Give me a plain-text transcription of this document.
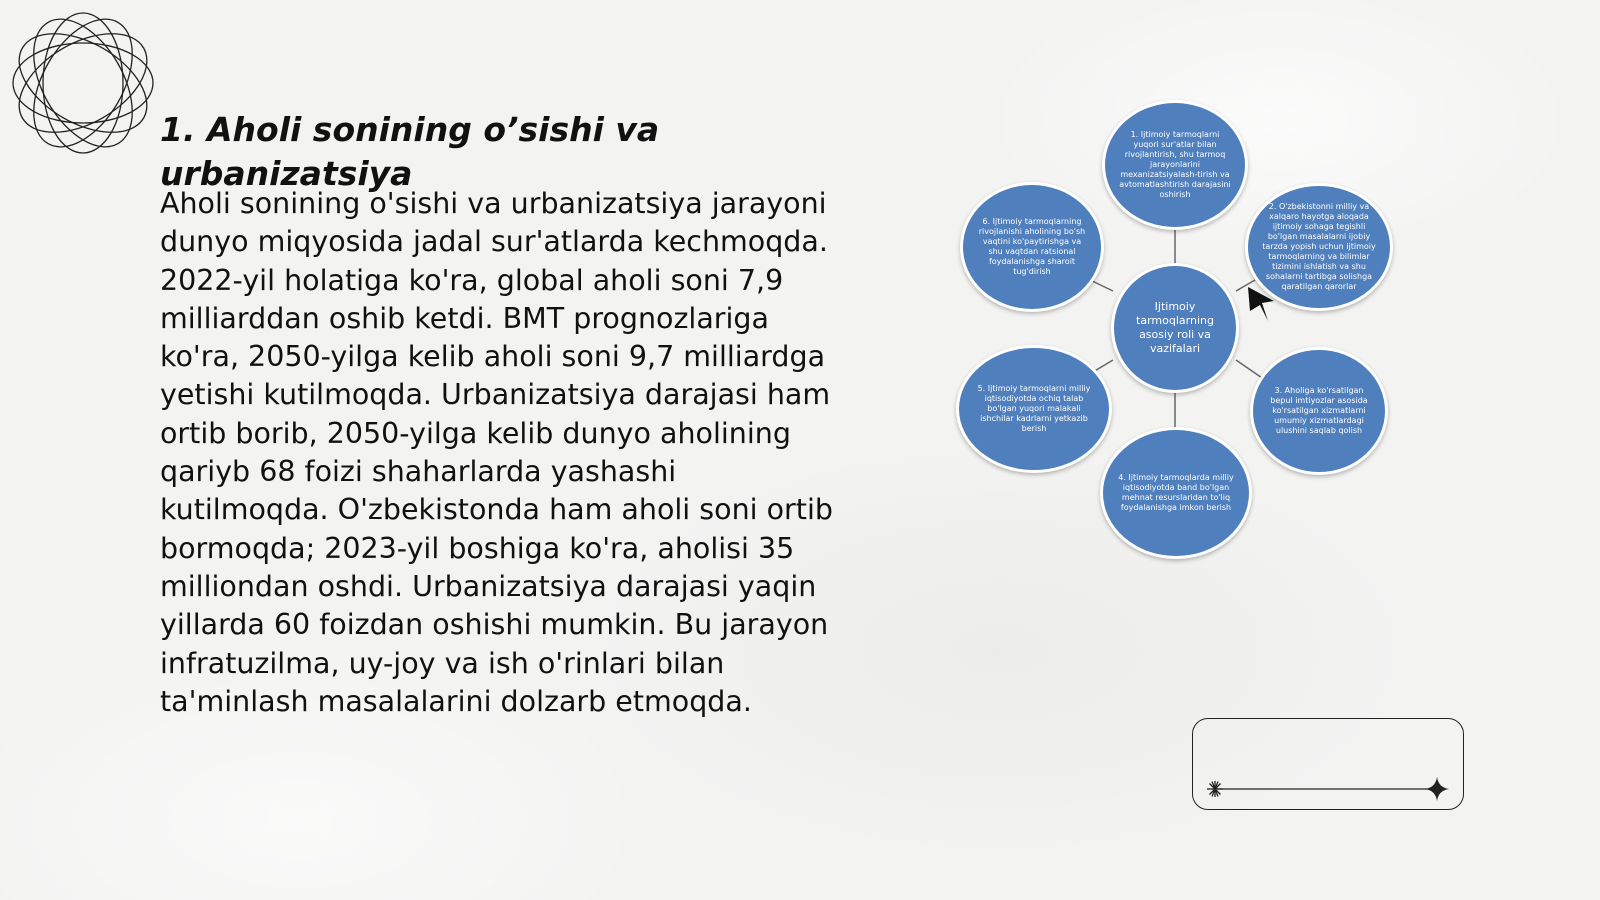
1. Aholi sonining o’sishi va urbanizatsiya

Aholi sonining o'sishi va urbanizatsiya jarayoni dunyo miqyosida jadal sur'atlarda kechmoqda. 2022-yil holatiga ko'ra, global aholi soni 7,9 milliarddan oshib ketdi. BMT prognozlariga ko'ra, 2050-yilga kelib aholi soni 9,7 milliardga yetishi kutilmoqda. Urbanizatsiya darajasi ham ortib borib, 2050-yilga kelib dunyo aholining qariyb 68 foizi shaharlarda yashashi kutilmoqda. O'zbekistonda ham aholi soni ortib bormoqda; 2023-yil boshiga ko'ra, aholisi 35 milliondan oshdi. Urbanizatsiya darajasi yaqin yillarda 60 foizdan oshishi mumkin. Bu jarayon infratuzilma, uy-joy va ish o'rinlari bilan ta'minlash masalalarini dolzarb etmoqda.

1. Ijtimoiy tarmoqlarni yuqori sur'atlar bilan rivojlantirish, shu tarmoq jarayonlarini mexanizatsiyalash-tirish va avtomatlashtirish darajasini oshirish
2. O'zbekistonni milliy va xalqaro hayotga aloqada ijtimoiy sohaga tegishli bo'lgan masalalarni ijobiy tarzda yopish uchun ijtimoiy tarmoqlarning va bilimlar tizimini ishlatish va shu sohalarni tartibga solishga qaratilgan qarorlar
3. Aholiga ko'rsatilgan bepul imtiyozlar asosida ko'rsatilgan xizmatlarni umumiy xizmatlardagi ulushini saqlab qolish
4. Ijtimoiy tarmoqlarda milliy iqtisodiyotda band bo'lgan mehnat resurslaridan to'liq foydalanishga imkon berish
5. Ijtimoiy tarmoqlarni milliy iqtisodiyotda ochiq talab bo'lgan yuqori malakali ishchilar kadrlarni yetkazib berish
6. Ijtimoiy tarmoqlarning rivojlanishi aholining bo'sh vaqtini ko'paytirishga va shu vaqtdan ratsional foydalanishga sharoit tug'dirish
Ijtimoiy tarmoqlarning asosiy roli va vazifalari
